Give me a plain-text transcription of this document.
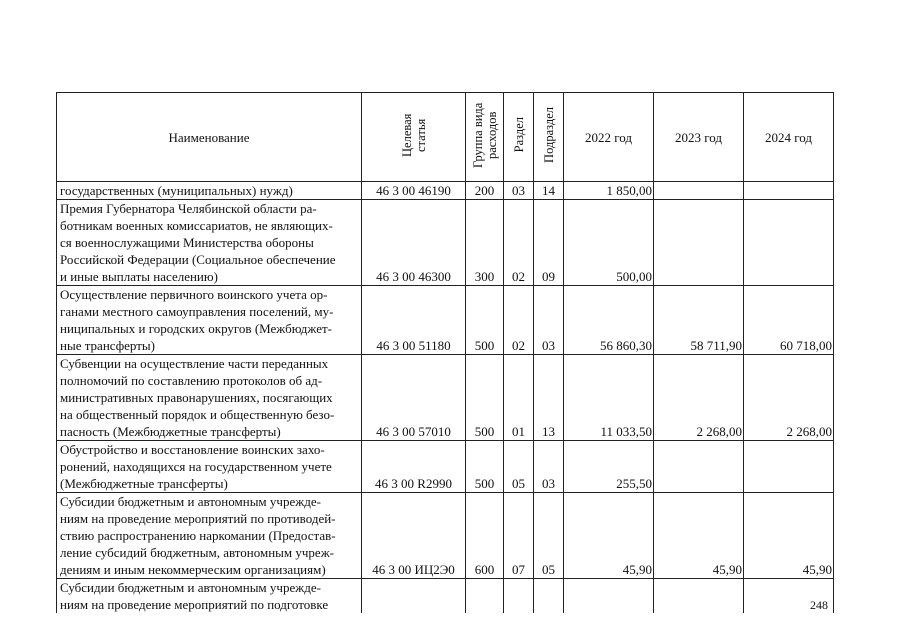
Наименование	Целевая статья	Группа вида расходов	Раздел	Подраздел	2022 год	2023 год	2024 год

государственных (муниципальных) нужд)	46 3 00 46190	200	03	14	1 850,00		

Премия Губернатора Челябинской области ра-
ботникам военных комиссариатов, не являющих-
ся военнослужащими Министерства обороны
Российской Федерации (Социальное обеспечение
и иные выплаты населению)	46 3 00 46300	300	02	09	500,00		

Осуществление первичного воинского учета ор-
ганами местного самоуправления поселений, му-
ниципальных и городских округов (Межбюджет-
ные трансферты)	46 3 00 51180	500	02	03	56 860,30	58 711,90	60 718,00

Субвенции на осуществление части переданных
полномочий по составлению протоколов об ад-
министративных правонарушениях, посягающих
на общественный порядок и общественную безо-
пасность (Межбюджетные трансферты)	46 3 00 57010	500	01	13	11 033,50	2 268,00	2 268,00

Обустройство и восстановление воинских захо-
ронений, находящихся на государственном учете
(Межбюджетные трансферты)	46 3 00 R2990	500	05	03	255,50		

Субсидии бюджетным и автономным учрежде-
ниям на проведение мероприятий по противодей-
ствию распространению наркомании (Предостав-
ление субсидий бюджетным, автономным учреж-
дениям и иным некоммерческим организациям)	46 3 00 ИЦ2Э0	600	07	05	45,90	45,90	45,90

Субсидии бюджетным и автономным учрежде-
ниям на проведение мероприятий по подготовке							

		248
